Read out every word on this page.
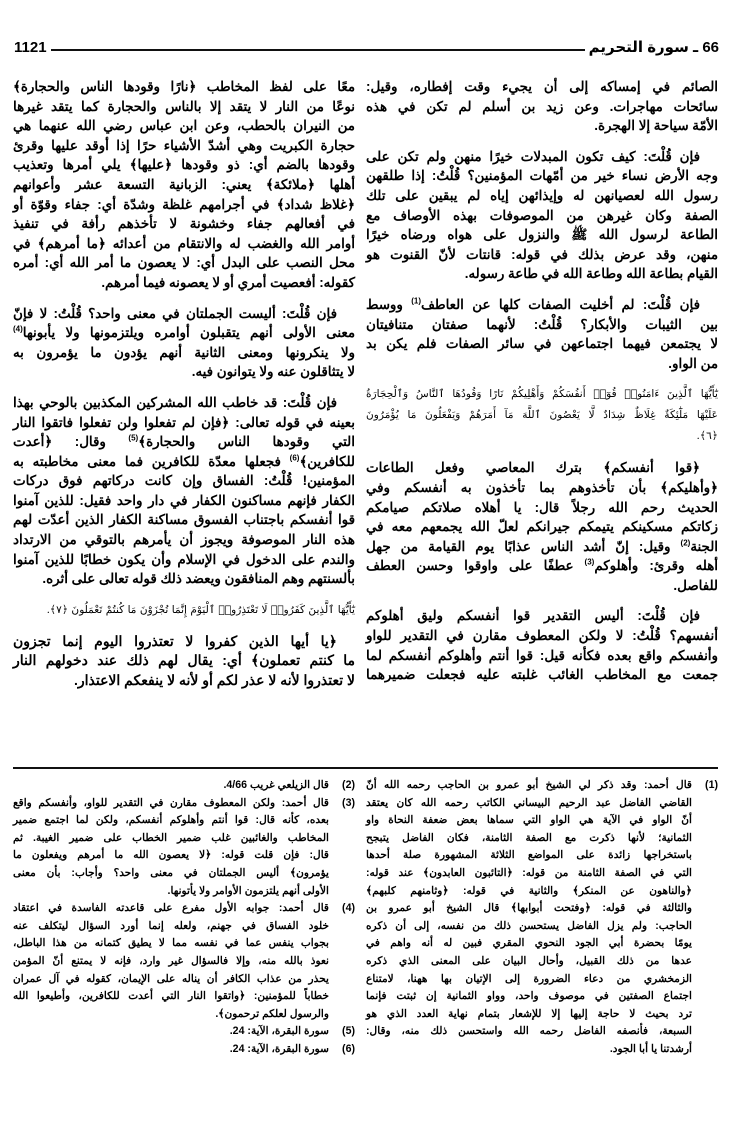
1121	66 ـ سورة التحريم
الصائم في إمساكه إلى أن يجيء وقت إفطاره، وقيل:
سائحات مهاجرات. وعن زيد بن أسلم لم تكن في هذه
الأمّة سياحة إلا الهجرة.
فإن قُلْتَ: كيف تكون المبدلات خيرًا منهن ولم تكن على
وجه الأرض نساء خير من أمّهات المؤمنين؟ قُلْتُ: إذا طلقهن
رسول الله لعصيانهن له وإيذائهن إياه لم يبقين على تلك
الصفة وكان غيرهن من الموصوفات بهذه الأوصاف مع
الطاعة لرسول الله ﷺ والنزول على هواه ورضاه خيرًا
منهن، وقد عرض بذلك في قوله: قانتات لأنّ القنوت هو
القيام بطاعة الله وطاعة الله في طاعة رسوله.
فإن قُلْتَ: لم أخليت الصفات كلها عن العاطف$^{(1)}$ ووسط
بين الثيبات والأبكار؟ قُلْتُ: لأنهما صفتان متنافيتان
لا يجتمعن فيهما اجتماعهن في سائر الصفات فلم يكن بد
من الواو.
يَٰٓأَيُّهَا ٱلَّذِينَ ءَامَنُوا۟ قُوٓا۟ أَنفُسَكُمْ وَأَهْلِيكُمْ نَارًا وَقُودُهَا ٱلنَّاسُ وَٱلْحِجَارَةُ
عَلَيْهَا مَلَٰٓئِكَةٌ غِلَاظٌ شِدَادٌ لَّا يَعْصُونَ ٱللَّهَ مَآ أَمَرَهُمْ وَيَفْعَلُونَ مَا يُؤْمَرُونَ
﴿٦﴾.
﴿قوا أنفسكم﴾ بترك المعاصي وفعل الطاعات
﴿وأهليكم﴾ بأن تأخذوهم بما تأخذون به أنفسكم وفي
الحديث رحم الله رجلاً قال: يا أهلاه صلاتكم صيامكم
زكاتكم مسكينكم يتيمكم جيرانكم لعلّ الله يجمعهم معه في
الجنة$^{(2)}$ وقيل: إنّ أشد الناس عذابًا يوم القيامة من جهل
أهله وقرئ: وأهلوكم$^{(3)}$ عطفًا على واوقوا وحسن العطف
للفاصل.
فإن قُلْتَ: أليس التقدير قوا أنفسكم وليق أهلوكم
أنفسهم؟ قُلْتُ: لا ولكن المعطوف مقارن في التقدير للواو
وأنفسكم واقع بعده فكأنه قيل: قوا أنتم وأهلوكم أنفسكم لما
جمعت مع المخاطب الغائب غلبته عليه فجعلت ضميرهما
معًا على لفظ المخاطب ﴿نارًا وقودها الناس والحجارة﴾
نوعًا من النار لا يتقد إلا بالناس والحجارة كما يتقد غيرها
من النيران بالحطب، وعن ابن عباس رضي الله عنهما هي
حجارة الكبريت وهي أشدّ الأشياء حرًا إذا أوقد عليها وقرئ
وقودها بالضم أي: ذو وقودها ﴿عليها﴾ يلي أمرها وتعذيب
أهلها ﴿ملائكة﴾ يعني: الزبانية التسعة عشر وأعوانهم
﴿غلاظ شداد﴾ في أجرامهم غلظة وشدّة أي: جفاء وقوّة أو
في أفعالهم جفاء وخشونة لا تأخذهم رأفة في تنفيذ
أوامر الله والغضب له والانتقام من أعدائه ﴿ما أمرهم﴾ في
محل النصب على البدل أي: لا يعصون ما أمر الله أي: أمره
كقوله: أفعصيت أمري أو لا يعصونه فيما أمرهم.
فإن قُلْتَ: أليست الجملتان في معنى واحد؟ قُلْتُ: لا فإنّ
معنى الأولى أنهم يتقبلون أوامره ويلتزمونها ولا يأبونها$^{(4)}$
ولا ينكرونها ومعنى الثانية أنهم يؤدون ما يؤمرون به
لا يتثاقلون عنه ولا يتوانون فيه.
فإن قُلْتَ: قد خاطب الله المشركين المكذبين بالوحي بهذا
بعينه في قوله تعالى: ﴿فإن لم تفعلوا ولن تفعلوا فاتقوا النار
التي وقودها الناس والحجارة﴾$^{(5)}$ وقال: ﴿أعدت
للكافرين﴾$^{(6)}$ فجعلها معدّة للكافرين فما معنى مخاطبته به
المؤمنين! قُلْتُ: الفساق وإن كانت دركاتهم فوق دركات
الكفار فإنهم مساكنون الكفار في دار واحد فقيل: للذين آمنوا
قوا أنفسكم باجتناب الفسوق مساكنة الكفار الذين أعدّت لهم
هذه النار الموصوفة ويجوز أن يأمرهم بالتوقي من الارتداد
والندم على الدخول في الإسلام وأن يكون خطابًا للذين آمنوا
بألسنتهم وهم المنافقون ويعضد ذلك قوله تعالى على أثره.
يَٰٓأَيُّهَا ٱلَّذِينَ كَفَرُوا۟ لَا تَعْتَذِرُوا۟ ٱلْيَوْمَ إِنَّمَا تُجْزَوْنَ مَا كُنتُمْ تَعْمَلُونَ ﴿٧﴾.
﴿يا أيها الذين كفروا لا تعتذروا اليوم إنما تجزون
ما كنتم تعملون﴾ أي: يقال لهم ذلك عند دخولهم النار
لا تعتذروا لأنه لا عذر لكم أو لأنه لا ينفعكم الاعتذار.
(1)
قال أحمد: وقد ذكر لي الشيخ أبو عمرو بن الحاجب رحمه الله أنّ
القاضي الفاضل عبد الرحيم البيساني الكاتب رحمه الله كان يعتقد
أنّ الواو في الآية هي الواو التي سماها بعض ضعفة النحاة واو
الثمانية؛ لأنها ذكرت مع الصفة الثامنة، فكان الفاضل يتبجح
باستخراجها زائدة على المواضع الثلاثة المشهورة صلة أحدها
التي في الصفة الثامنة من قوله: ﴿التائبون العابدون﴾ عند قوله:
﴿والناهون عن المنكر﴾ والثانية في قوله: ﴿وثامنهم كلبهم﴾
والثالثة في قوله: ﴿وفتحت أبوابها﴾ قال الشيخ أبو عمرو بن
الحاجب: ولم يزل الفاضل يستحسن ذلك من نفسه، إلى أن ذكره
يومًا بحضرة أبي الجود النحوي المقري فبين له أنه واهم في
عدها من ذلك القبيل، وأحال البيان على المعنى الذي ذكره
الزمخشري من دعاء الضرورة إلى الإتيان بها ههنا، لامتناع
اجتماع الصفتين في موصوف واحد، وواو الثمانية إن ثبتت فإنما
ترد بحيث لا حاجة إليها إلا للإشعار بتمام نهاية العدد الذي هو
السبعة، فأنصفه الفاضل رحمه الله واستحسن ذلك منه، وقال:
أرشدتنا يا أبا الجود.
(2)
قال الزيلعي غريب 4/66.
(3)
قال أحمد: ولكن المعطوف مقارن في التقدير للواو، وأنفسكم واقع
بعده، كأنه قال: قوا أنتم وأهلوكم أنفسكم، ولكن لما اجتمع ضمير
المخاطب والغائبين غلب ضمير الخطاب على ضمير الغيبة. ثم
قال: فإن قلت قوله: ﴿لا يعصون الله ما أمرهم ويفعلون ما
يؤمرون﴾ أليس الجملتان في معنى واحد؟ وأجاب: بأن معنى
الأولى أنهم يلتزمون الأوامر ولا يأتونها.
(4)
قال أحمد: جوابه الأول مفرع على قاعدته الفاسدة في اعتقاد
خلود الفساق في جهنم، ولعله إنما أورد السؤال ليتكلف عنه
بجواب ينفس عما في نفسه مما لا يطيق كتمانه من هذا الباطل،
نعوذ بالله منه، وإلا فالسؤال غير وارد، فإنه لا يمتنع أنّ المؤمن
يحذر من عذاب الكافر أن يناله على الإيمان، كقوله في آل عمران
خطاباً للمؤمنين: ﴿واتقوا النار التي أعدت للكافرين، وأطيعوا الله
والرسول لعلكم ترحمون﴾.
(5)
سورة البقرة، الآية: 24.
(6)
سورة البقرة، الآية: 24.
